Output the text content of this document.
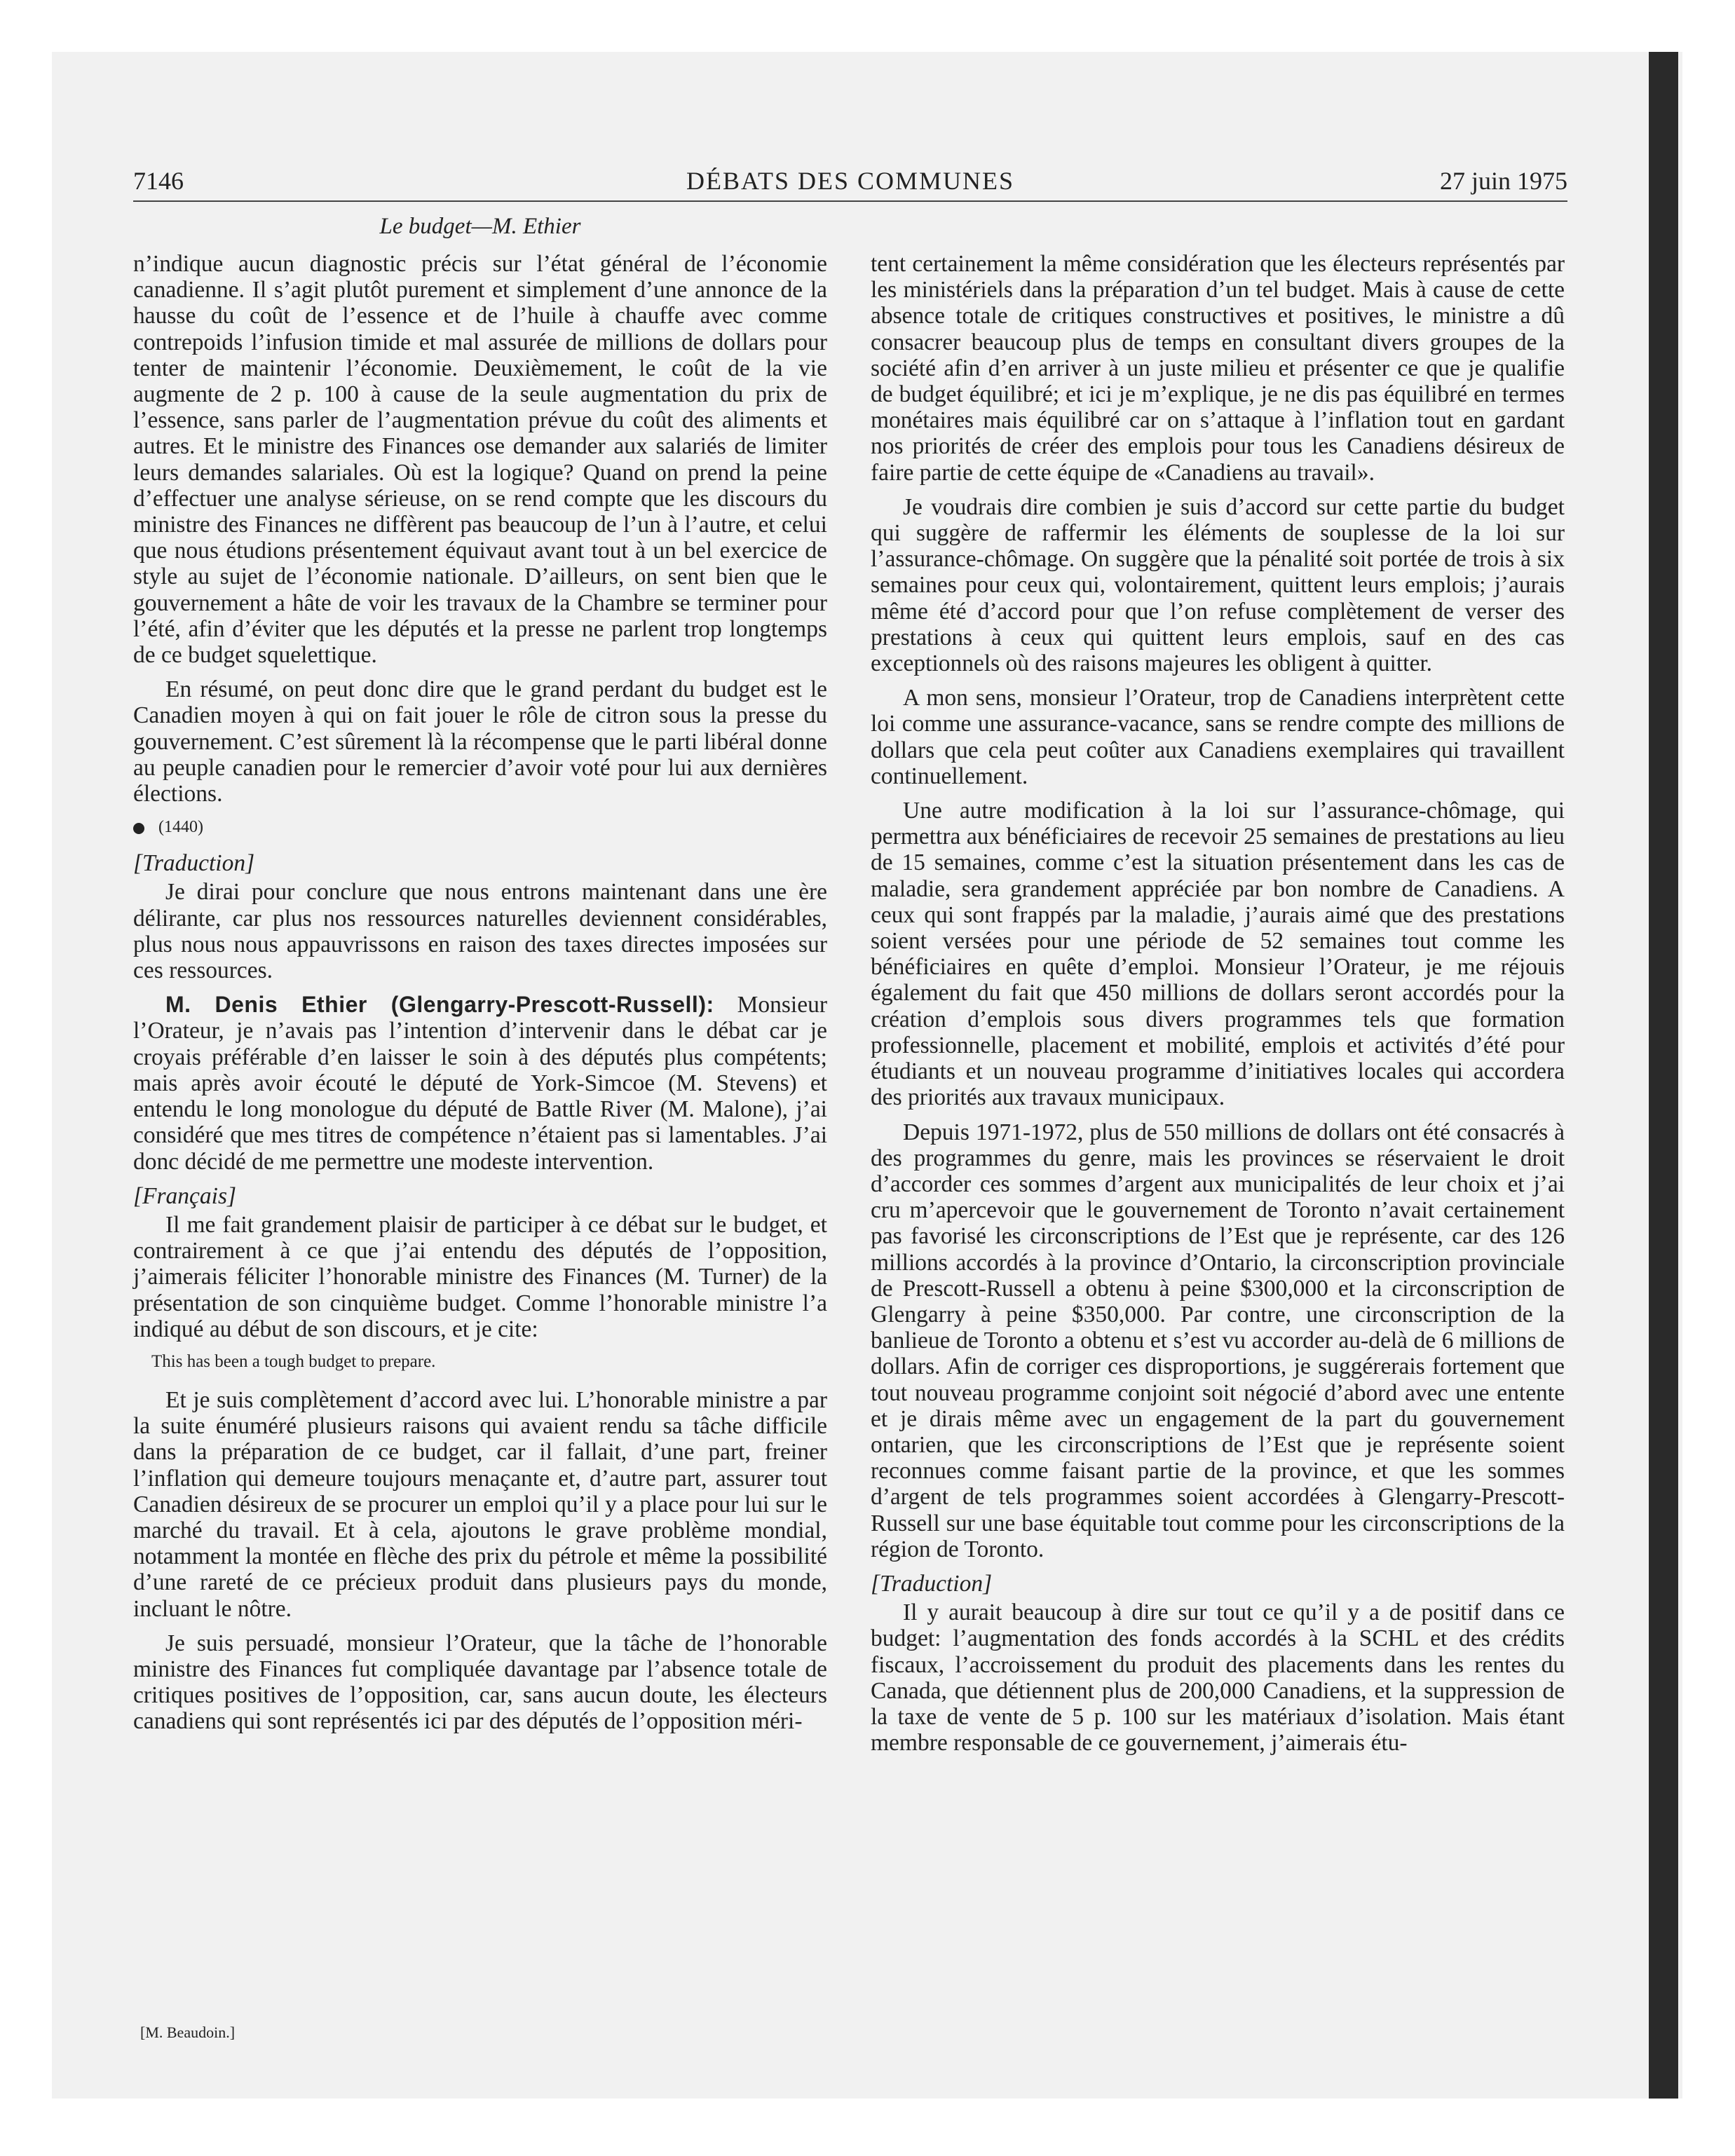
7146	DÉBATS DES COMMUNES	27 juin 1975
Le budget—M. Ethier

n’indique aucun diagnostic précis sur l’état général de l’économie canadienne. Il s’agit plutôt purement et simplement d’une annonce de la hausse du coût de l’essence et de l’huile à chauffe avec comme contrepoids l’infusion timide et mal assurée de millions de dollars pour tenter de maintenir l’économie. Deuxièmement, le coût de la vie augmente de 2 p. 100 à cause de la seule augmentation du prix de l’essence, sans parler de l’augmentation prévue du coût des aliments et autres. Et le ministre des Finances ose demander aux salariés de limiter leurs demandes salariales. Où est la logique? Quand on prend la peine d’effectuer une analyse sérieuse, on se rend compte que les discours du ministre des Finances ne diffèrent pas beaucoup de l’un à l’autre, et celui que nous étudions présentement équivaut avant tout à un bel exercice de style au sujet de l’économie nationale. D’ailleurs, on sent bien que le gouvernement a hâte de voir les travaux de la Chambre se terminer pour l’été, afin d’éviter que les députés et la presse ne parlent trop longtemps de ce budget squelettique.

En résumé, on peut donc dire que le grand perdant du budget est le Canadien moyen à qui on fait jouer le rôle de citron sous la presse du gouvernement. C’est sûrement là la récompense que le parti libéral donne au peuple canadien pour le remercier d’avoir voté pour lui aux dernières élections.

(1440)
[Traduction]

Je dirai pour conclure que nous entrons maintenant dans une ère délirante, car plus nos ressources naturelles deviennent considérables, plus nous nous appauvrissons en raison des taxes directes imposées sur ces ressources.

M. Denis Ethier (Glengarry-Prescott-Russell): Monsieur l’Orateur, je n’avais pas l’intention d’intervenir dans le débat car je croyais préférable d’en laisser le soin à des députés plus compétents; mais après avoir écouté le député de York-Simcoe (M. Stevens) et entendu le long monologue du député de Battle River (M. Malone), j’ai considéré que mes titres de compétence n’étaient pas si lamentables. J’ai donc décidé de me permettre une modeste intervention.

[Français]

Il me fait grandement plaisir de participer à ce débat sur le budget, et contrairement à ce que j’ai entendu des députés de l’opposition, j’aimerais féliciter l’honorable ministre des Finances (M. Turner) de la présentation de son cinquième budget. Comme l’honorable ministre l’a indiqué au début de son discours, et je cite:

This has been a tough budget to prepare.

Et je suis complètement d’accord avec lui. L’honorable ministre a par la suite énuméré plusieurs raisons qui avaient rendu sa tâche difficile dans la préparation de ce budget, car il fallait, d’une part, freiner l’inflation qui demeure toujours menaçante et, d’autre part, assurer tout Canadien désireux de se procurer un emploi qu’il y a place pour lui sur le marché du travail. Et à cela, ajoutons le grave problème mondial, notamment la montée en flèche des prix du pétrole et même la possibilité d’une rareté de ce précieux produit dans plusieurs pays du monde, incluant le nôtre.

Je suis persuadé, monsieur l’Orateur, que la tâche de l’honorable ministre des Finances fut compliquée davantage par l’absence totale de critiques positives de l’opposition, car, sans aucun doute, les électeurs canadiens qui sont représentés ici par des députés de l’opposition méri-

tent certainement la même considération que les électeurs représentés par les ministériels dans la préparation d’un tel budget. Mais à cause de cette absence totale de critiques constructives et positives, le ministre a dû consacrer beaucoup plus de temps en consultant divers groupes de la société afin d’en arriver à un juste milieu et présenter ce que je qualifie de budget équilibré; et ici je m’explique, je ne dis pas équilibré en termes monétaires mais équilibré car on s’attaque à l’inflation tout en gardant nos priorités de créer des emplois pour tous les Canadiens désireux de faire partie de cette équipe de «Canadiens au travail».

Je voudrais dire combien je suis d’accord sur cette partie du budget qui suggère de raffermir les éléments de souplesse de la loi sur l’assurance-chômage. On suggère que la pénalité soit portée de trois à six semaines pour ceux qui, volontairement, quittent leurs emplois; j’aurais même été d’accord pour que l’on refuse complètement de verser des prestations à ceux qui quittent leurs emplois, sauf en des cas exceptionnels où des raisons majeures les obligent à quitter.

A mon sens, monsieur l’Orateur, trop de Canadiens interprètent cette loi comme une assurance-vacance, sans se rendre compte des millions de dollars que cela peut coûter aux Canadiens exemplaires qui travaillent continuellement.

Une autre modification à la loi sur l’assurance-chômage, qui permettra aux bénéficiaires de recevoir 25 semaines de prestations au lieu de 15 semaines, comme c’est la situation présentement dans les cas de maladie, sera grandement appréciée par bon nombre de Canadiens. A ceux qui sont frappés par la maladie, j’aurais aimé que des prestations soient versées pour une période de 52 semaines tout comme les bénéficiaires en quête d’emploi. Monsieur l’Orateur, je me réjouis également du fait que 450 millions de dollars seront accordés pour la création d’emplois sous divers programmes tels que formation professionnelle, placement et mobilité, emplois et activités d’été pour étudiants et un nouveau programme d’initiatives locales qui accordera des priorités aux travaux municipaux.

Depuis 1971-1972, plus de 550 millions de dollars ont été consacrés à des programmes du genre, mais les provinces se réservaient le droit d’accorder ces sommes d’argent aux municipalités de leur choix et j’ai cru m’apercevoir que le gouvernement de Toronto n’avait certainement pas favorisé les circonscriptions de l’Est que je représente, car des 126 millions accordés à la province d’Ontario, la circonscription provinciale de Prescott-Russell a obtenu à peine $300,000 et la circonscription de Glengarry à peine $350,000. Par contre, une circonscription de la banlieue de Toronto a obtenu et s’est vu accorder au-delà de 6 millions de dollars. Afin de corriger ces disproportions, je suggérerais fortement que tout nouveau programme conjoint soit négocié d’abord avec une entente et je dirais même avec un engagement de la part du gouvernement ontarien, que les circonscriptions de l’Est que je représente soient reconnues comme faisant partie de la province, et que les sommes d’argent de tels programmes soient accordées à Glengarry-Prescott-Russell sur une base équitable tout comme pour les circonscriptions de la région de Toronto.

[Traduction]

Il y aurait beaucoup à dire sur tout ce qu’il y a de positif dans ce budget: l’augmentation des fonds accordés à la SCHL et des crédits fiscaux, l’accroissement du produit des placements dans les rentes du Canada, que détiennent plus de 200,000 Canadiens, et la suppression de la taxe de vente de 5 p. 100 sur les matériaux d’isolation. Mais étant membre responsable de ce gouvernement, j’aimerais étu-

[M. Beaudoin.]
